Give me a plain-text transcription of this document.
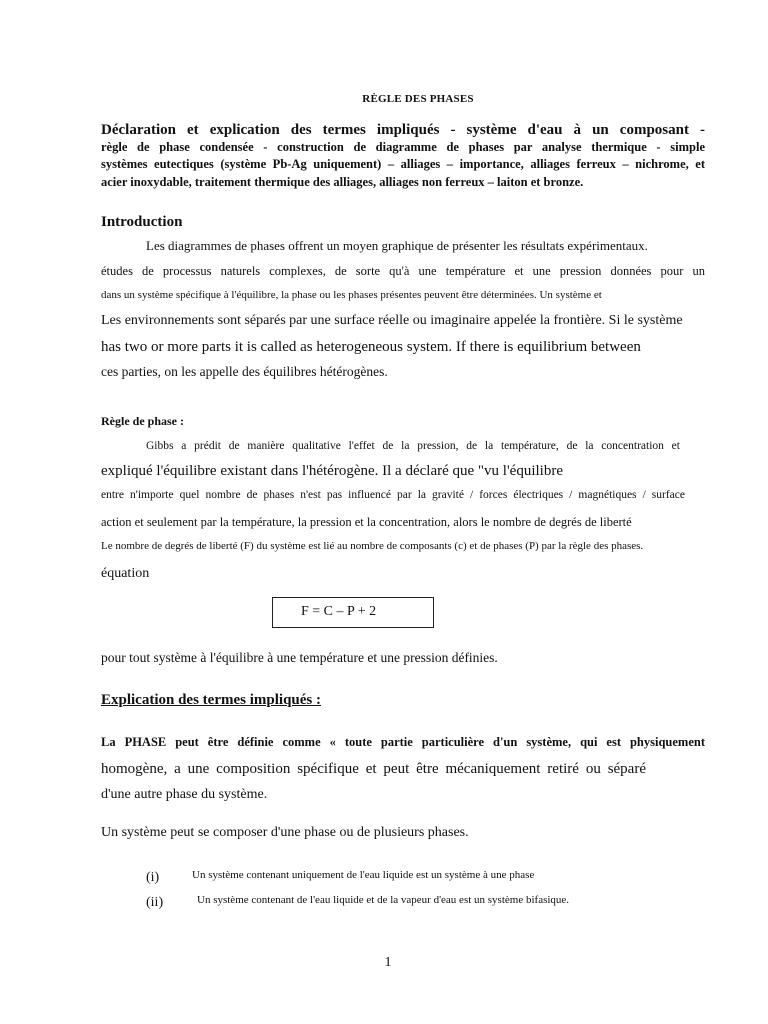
RÈGLE DES PHASES
Déclaration et explication des termes impliqués - système d'eau à un composant -
règle de phase condensée - construction de diagramme de phases par analyse thermique - simple
systèmes eutectiques (système Pb-Ag uniquement) – alliages – importance, alliages ferreux – nichrome, et
acier inoxydable, traitement thermique des alliages, alliages non ferreux – laiton et bronze.
Introduction
Les diagrammes de phases offrent un moyen graphique de présenter les résultats expérimentaux.
études de processus naturels complexes, de sorte qu'à une température et une pression données pour un
dans un système spécifique à l'équilibre, la phase ou les phases présentes peuvent être déterminées. Un système et
Les environnements sont séparés par une surface réelle ou imaginaire appelée la frontière. Si le système
has two or more parts it is called as heterogeneous system. If there is equilibrium between
ces parties, on les appelle des équilibres hétérogènes.
Règle de phase :
Gibbs a prédit de manière qualitative l'effet de la pression, de la température, de la concentration et
expliqué l'équilibre existant dans l'hétérogène. Il a déclaré que "vu l'équilibre
entre n'importe quel nombre de phases n'est pas influencé par la gravité / forces électriques / magnétiques / surface
action et seulement par la température, la pression et la concentration, alors le nombre de degrés de liberté
Le nombre de degrés de liberté (F) du système est lié au nombre de composants (c) et de phases (P) par la règle des phases.
équation
F = C – P + 2
pour tout système à l'équilibre à une température et une pression définies.
Explication des termes impliqués :
La PHASE peut être définie comme « toute partie particulière d'un système, qui est physiquement
homogène, a une composition spécifique et peut être mécaniquement retiré ou séparé
d'une autre phase du système.
Un système peut se composer d'une phase ou de plusieurs phases.
(i)	Un système contenant uniquement de l'eau liquide est un système à une phase
(ii)	Un système contenant de l'eau liquide et de la vapeur d'eau est un système bifasique.
1
